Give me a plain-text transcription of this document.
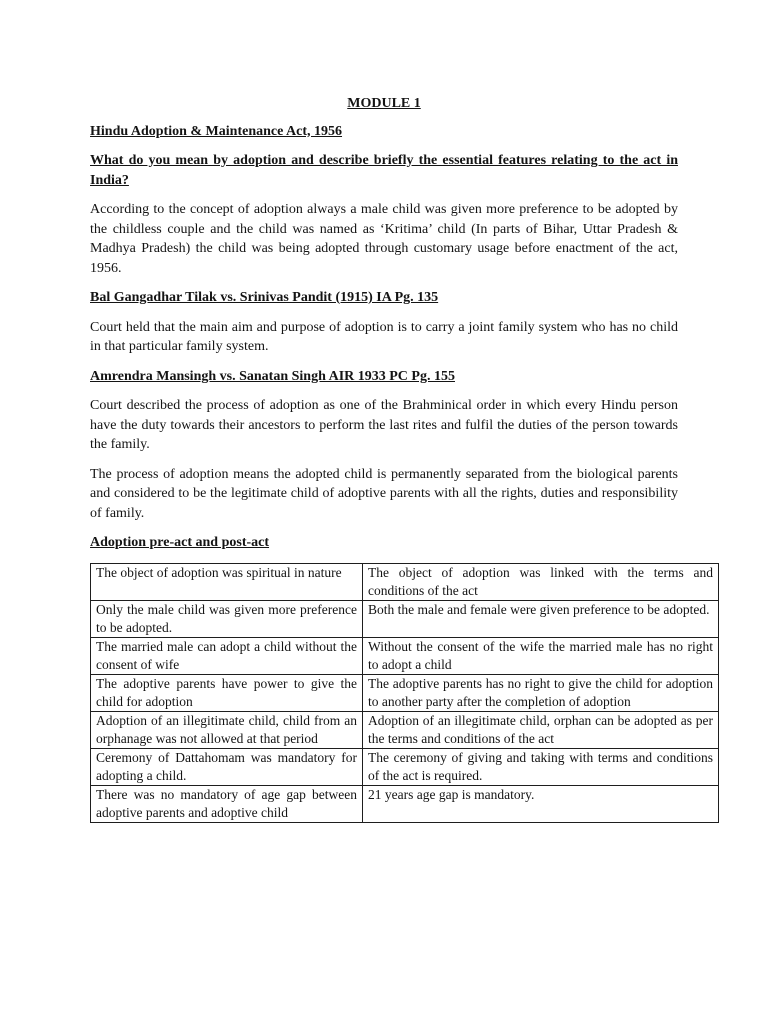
MODULE 1

Hindu Adoption & Maintenance Act, 1956

What do you mean by adoption and describe briefly the essential features relating to the act in India?

According to the concept of adoption always a male child was given more preference to be adopted by the childless couple and the child was named as ‘Kritima’ child (In parts of Bihar, Uttar Pradesh & Madhya Pradesh) the child was being adopted through customary usage before enactment of the act, 1956.

Bal Gangadhar Tilak vs. Srinivas Pandit (1915) IA Pg. 135

Court held that the main aim and purpose of adoption is to carry a joint family system who has no child in that particular family system.

Amrendra Mansingh vs. Sanatan Singh AIR 1933 PC Pg. 155

Court described the process of adoption as one of the Brahminical order in which every Hindu person have the duty towards their ancestors to perform the last rites and fulfil the duties of the person towards the family.

The process of adoption means the adopted child is permanently separated from the biological parents and considered to be the legitimate child of adoptive parents with all the rights, duties and responsibility of family.

Adoption pre-act and post-act

The object of adoption was spiritual in nature	The object of adoption was linked with the terms and conditions of the act
Only the male child was given more preference to be adopted.	Both the male and female were given preference to be adopted.
The married male can adopt a child without the consent of wife	Without the consent of the wife the married male has no right to adopt a child
The adoptive parents have power to give the child for adoption	The adoptive parents has no right to give the child for adoption to another party after the completion of adoption
Adoption of an illegitimate child, child from an orphanage was not allowed at that period	Adoption of an illegitimate child, orphan can be adopted as per the terms and conditions of the act
Ceremony of Dattahomam was mandatory for adopting a child.	The ceremony of giving and taking with terms and conditions of the act is required.
There was no mandatory of age gap between adoptive parents and adoptive child	21 years age gap is mandatory.
